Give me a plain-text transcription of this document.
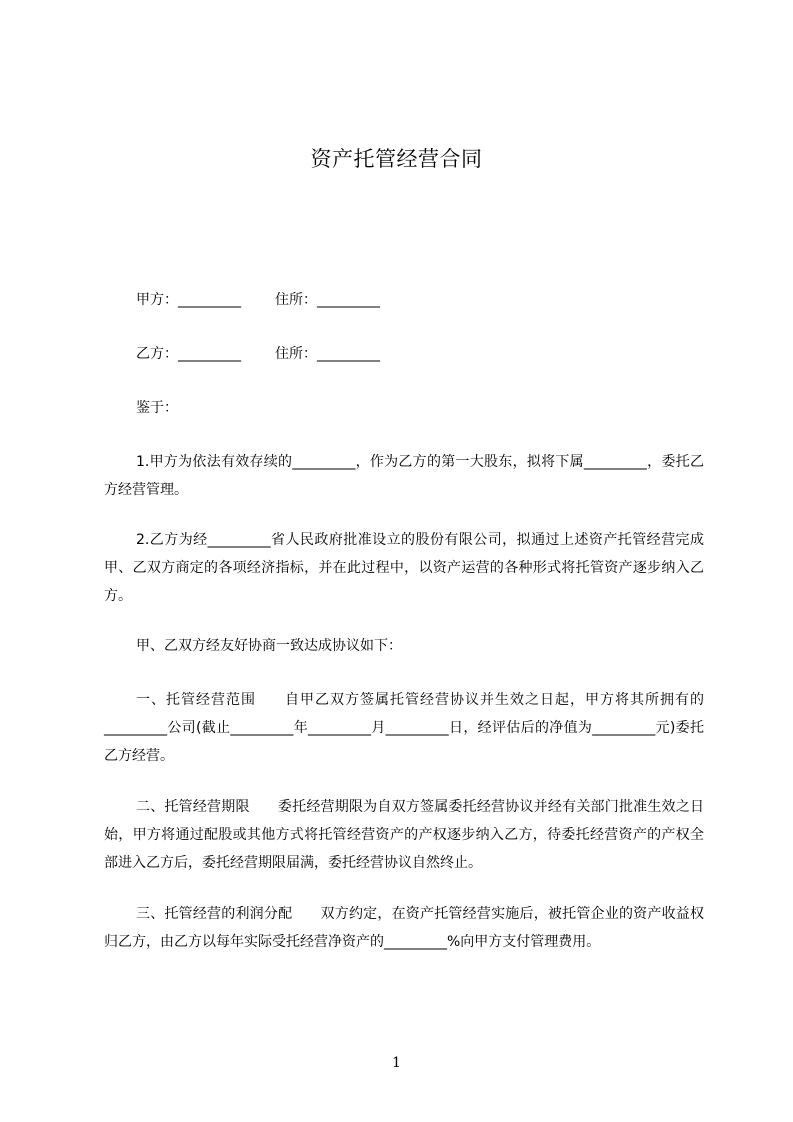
资产托管经营合同
甲方：_________ 住所：_________
乙方：_________ 住所：_________
鉴于：
1.甲方为依法有效存续的_________，作为乙方的第一大股东，拟将下属_________，委托乙方经营管理。
2.乙方为经_________省人民政府批准设立的股份有限公司，拟通过上述资产托管经营完成甲、乙双方商定的各项经济指标，并在此过程中，以资产运营的各种形式将托管资产逐步纳入乙方。
甲、乙双方经友好协商一致达成协议如下：
一、托管经营范围 自甲乙双方签属托管经营协议并生效之日起，甲方将其所拥有的_________公司(截止_________年_________月_________日，经评估后的净值为_________元)委托乙方经营。
二、托管经营期限 委托经营期限为自双方签属委托经营协议并经有关部门批准生效之日始，甲方将通过配股或其他方式将托管经营资产的产权逐步纳入乙方，待委托经营资产的产权全部进入乙方后，委托经营期限届满，委托经营协议自然终止。
三、托管经营的利润分配 双方约定，在资产托管经营实施后，被托管企业的资产收益权归乙方，由乙方以每年实际受托经营净资产的_________%向甲方支付管理费用。
1
